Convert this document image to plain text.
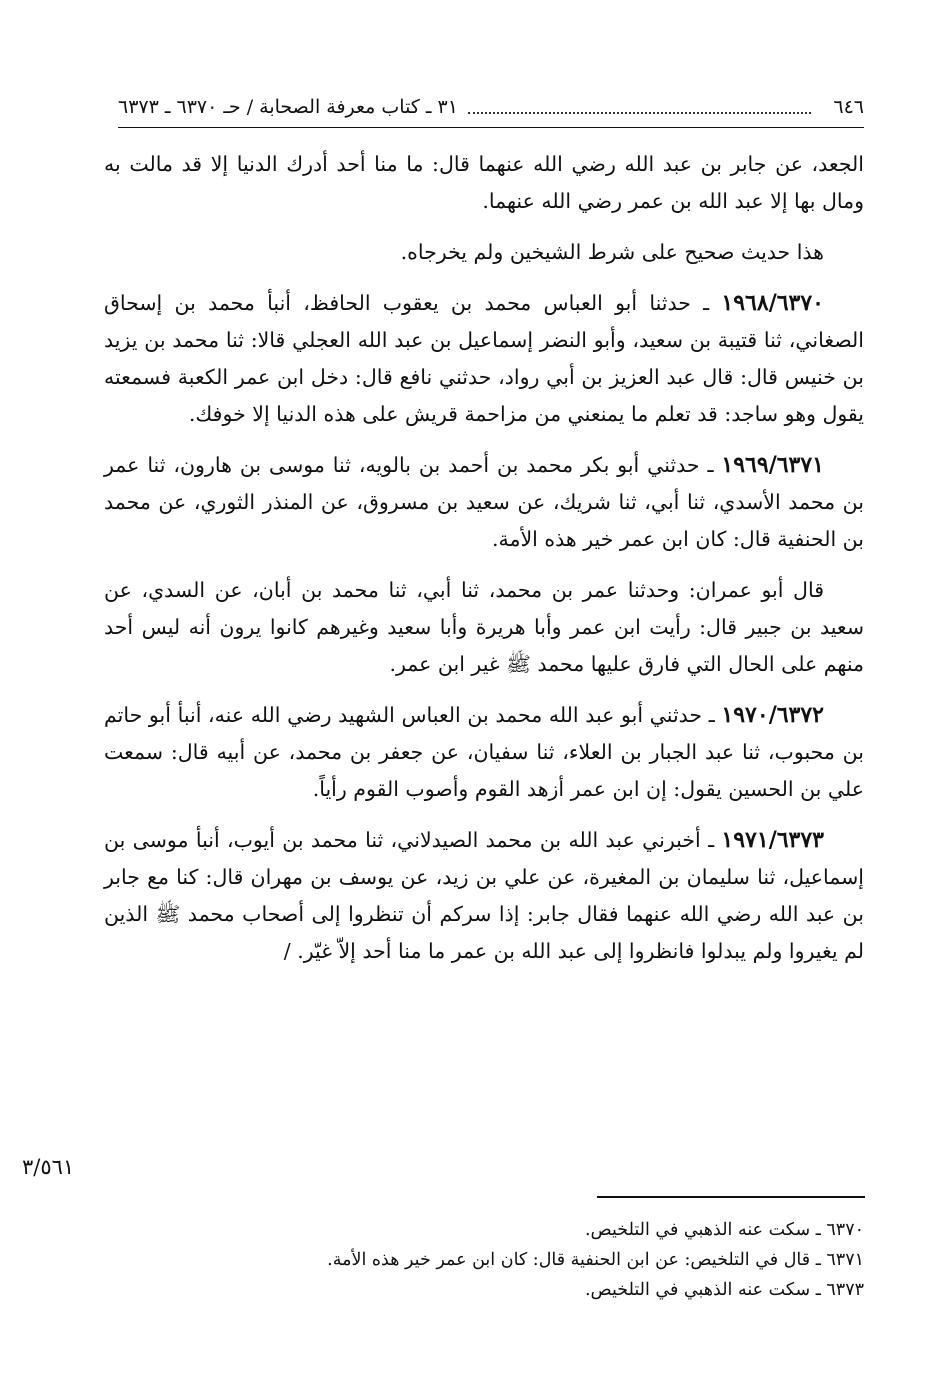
٦٤٦
٣١ ـ كتاب معرفة الصحابة / حـ ٦٣٧٠ ـ ٦٣٧٣

الجعد، عن جابر بن عبد الله رضي الله عنهما قال: ما منا أحد أدرك الدنيا إلا قد مالت به ومال بها إلا عبد الله بن عمر رضي الله عنهما.

هذا حديث صحيح على شرط الشيخين ولم يخرجاه.

١٩٦٨/٦٣٧٠ ـ حدثنا أبو العباس محمد بن يعقوب الحافظ، أنبأ محمد بن إسحاق الصغاني، ثنا قتيبة بن سعيد، وأبو النضر إسماعيل بن عبد الله العجلي قالا: ثنا محمد بن يزيد بن خنيس قال: قال عبد العزيز بن أبي رواد، حدثني نافع قال: دخل ابن عمر الكعبة فسمعته يقول وهو ساجد: قد تعلم ما يمنعني من مزاحمة قريش على هذه الدنيا إلا خوفك.

١٩٦٩/٦٣٧١ ـ حدثني أبو بكر محمد بن أحمد بن بالويه، ثنا موسى بن هارون، ثنا عمر بن محمد الأسدي، ثنا أبي، ثنا شريك، عن سعيد بن مسروق، عن المنذر الثوري، عن محمد بن الحنفية قال: كان ابن عمر خير هذه الأمة.

قال أبو عمران: وحدثنا عمر بن محمد، ثنا أبي، ثنا محمد بن أبان، عن السدي، عن سعيد بن جبير قال: رأيت ابن عمر وأبا هريرة وأبا سعيد وغيرهم كانوا يرون أنه ليس أحد منهم على الحال التي فارق عليها محمد ﷺ غير ابن عمر.

١٩٧٠/٦٣٧٢ ـ حدثني أبو عبد الله محمد بن العباس الشهيد رضي الله عنه، أنبأ أبو حاتم بن محبوب، ثنا عبد الجبار بن العلاء، ثنا سفيان، عن جعفر بن محمد، عن أبيه قال: سمعت علي بن الحسين يقول: إن ابن عمر أزهد القوم وأصوب القوم رأياً.

١٩٧١/٦٣٧٣ ـ أخبرني عبد الله بن محمد الصيدلاني، ثنا محمد بن أيوب، أنبأ موسى بن إسماعيل، ثنا سليمان بن المغيرة، عن علي بن زيد، عن يوسف بن مهران قال: كنا مع جابر بن عبد الله رضي الله عنهما فقال جابر: إذا سركم أن تنظروا إلى أصحاب محمد ﷺ الذين لم يغيروا ولم يبدلوا فانظروا إلى عبد الله بن عمر ما منا أحد إلاّ غيّر. /

٣/٥٦١
٦٣٧٠ ـ سكت عنه الذهبي في التلخيص.
٦٣٧١ ـ قال في التلخيص: عن ابن الحنفية قال: كان ابن عمر خير هذه الأمة.
٦٣٧٣ ـ سكت عنه الذهبي في التلخيص.
